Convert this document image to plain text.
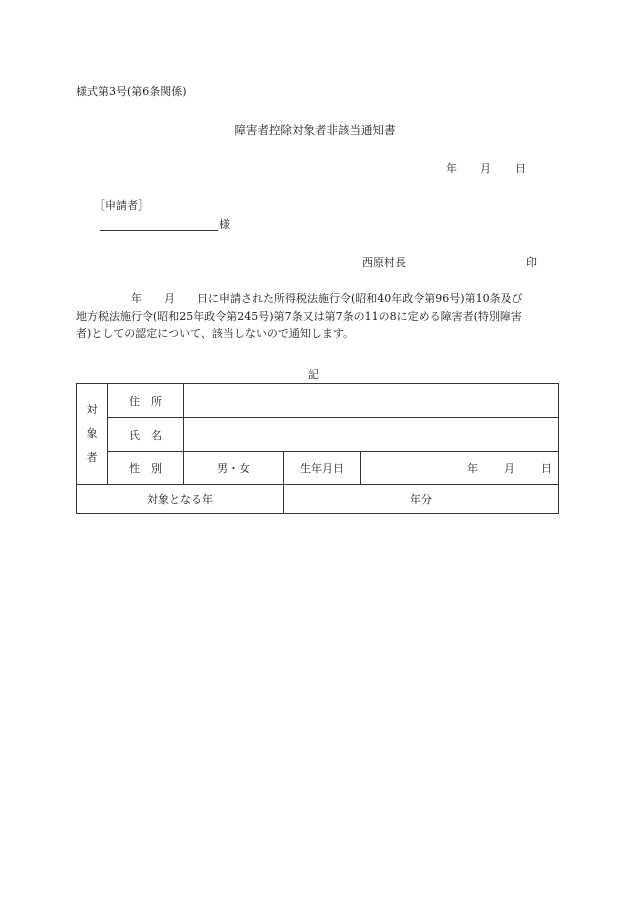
様式第3号(第6条関係)
障害者控除対象者非該当通知書
年 月 日
［申請者］
様
西原村長	印
　　　　　年　　月　　日に申請された所得税法施行令(昭和40年政令第96号)第10条及び
地方税法施行令(昭和25年政令第245号)第7条又は第7条の11の8に定める障害者(特別障害
者)としての認定について、該当しないので通知します。
記
対
象
者	住　所			
	氏　名			
	性　別	男・女	生年月日	年 月 日
対象となる年			年分	
